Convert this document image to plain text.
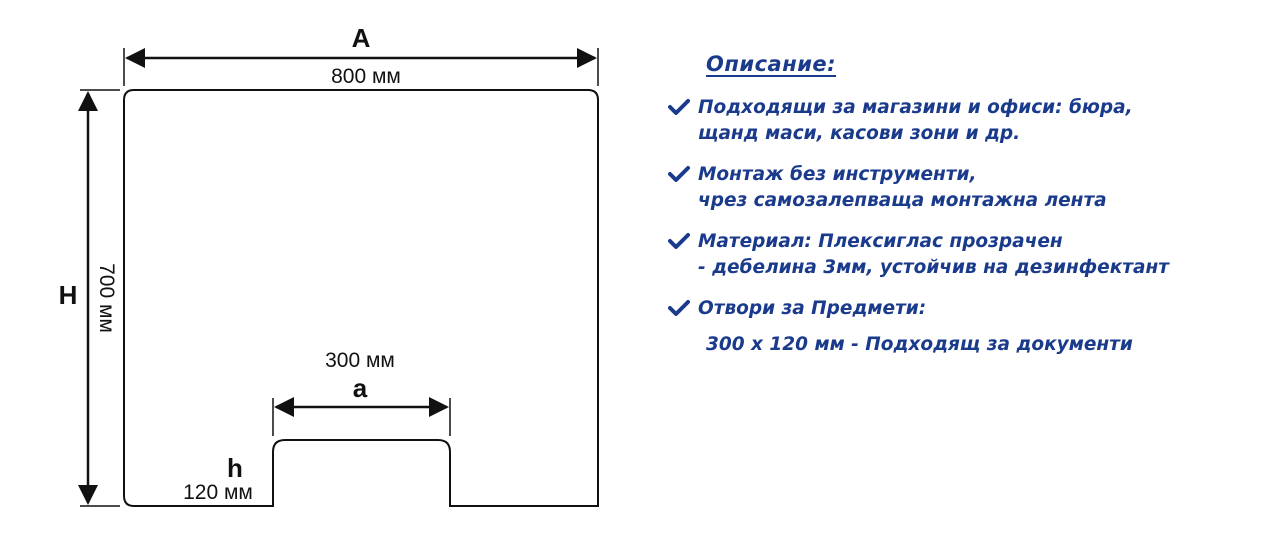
A
800 мм
H 700 мм
300 мм
a
h
120 мм
Описание:
Подходящи за магазини и офиси: бюра,
щанд маси, касови зони и др.
Монтаж без инструменти,
чрез самозалепваща монтажна лента
Материал: Плексиглас прозрачен
- дебелина 3мм, устойчив на дезинфектант
Отвори за Предмети:
300 x 120 мм - Подходящ за документи
